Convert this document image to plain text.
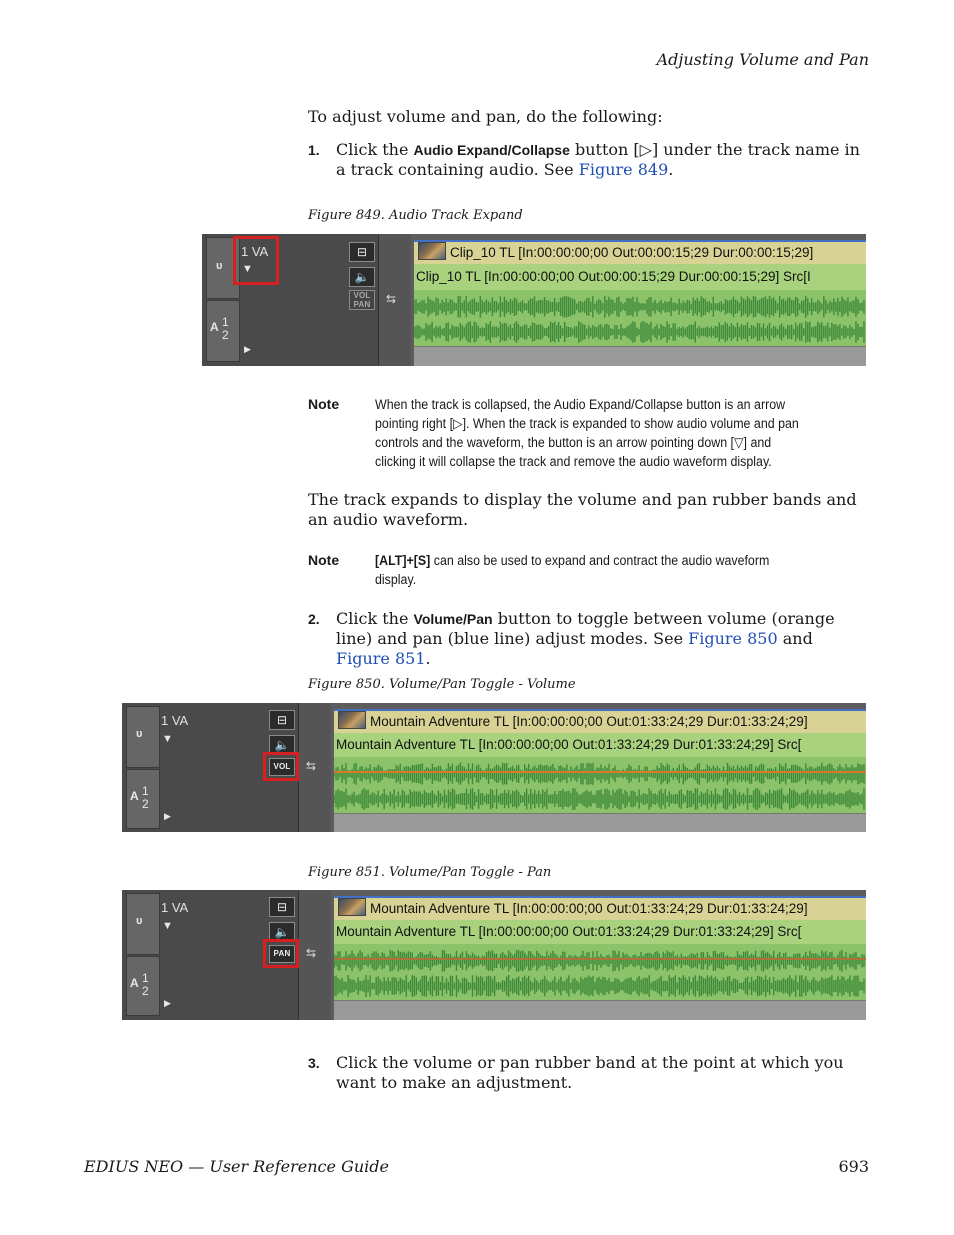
Adjusting Volume and Pan
To adjust volume and pan, do the following:
1. Click the Audio Expand/Collapse button [▷] under the track name in a track containing audio. See Figure 849.
Figure 849. Audio Track Expand
ᴜ
A 1
2
1 VA
▼
▶
⊟
🔈
VOL
PAN	⇆
Clip_10 TL [In:00:00:00;00 Out:00:00:15;29 Dur:00:00:15;29]
Clip_10 TL [In:00:00:00;00 Out:00:00:15;29 Dur:00:00:15;29] Src[I
Note	When the track is collapsed, the Audio Expand/Collapse button is an arrow pointing right [▷]. When the track is expanded to show audio volume and pan controls and the waveform, the button is an arrow pointing down [▽] and clicking it will collapse the track and remove the audio waveform display.
The track expands to display the volume and pan rubber bands and an audio waveform.
Note	[ALT]+[S] can also be used to expand and contract the audio waveform display.
2. Click the Volume/Pan button to toggle between volume (orange line) and pan (blue line) adjust modes. See Figure 850 and Figure 851.
Figure 850. Volume/Pan Toggle - Volume
ᴜ
A 1
2
1 VA
▼
▶
⊟
🔈
VOL	⇆
Mountain Adventure TL [In:00:00:00;00 Out:01:33:24;29 Dur:01:33:24;29]
Mountain Adventure TL [In:00:00:00;00 Out:01:33:24;29 Dur:01:33:24;29] Src[
Figure 851. Volume/Pan Toggle - Pan
ᴜ
A 1
2
1 VA
▼
▶
⊟
🔈
PAN	⇆
Mountain Adventure TL [In:00:00:00;00 Out:01:33:24;29 Dur:01:33:24;29]
Mountain Adventure TL [In:00:00:00;00 Out:01:33:24;29 Dur:01:33:24;29] Src[
3. Click the volume or pan rubber band at the point at which you want to make an adjustment.
EDIUS NEO — User Reference Guide	693
